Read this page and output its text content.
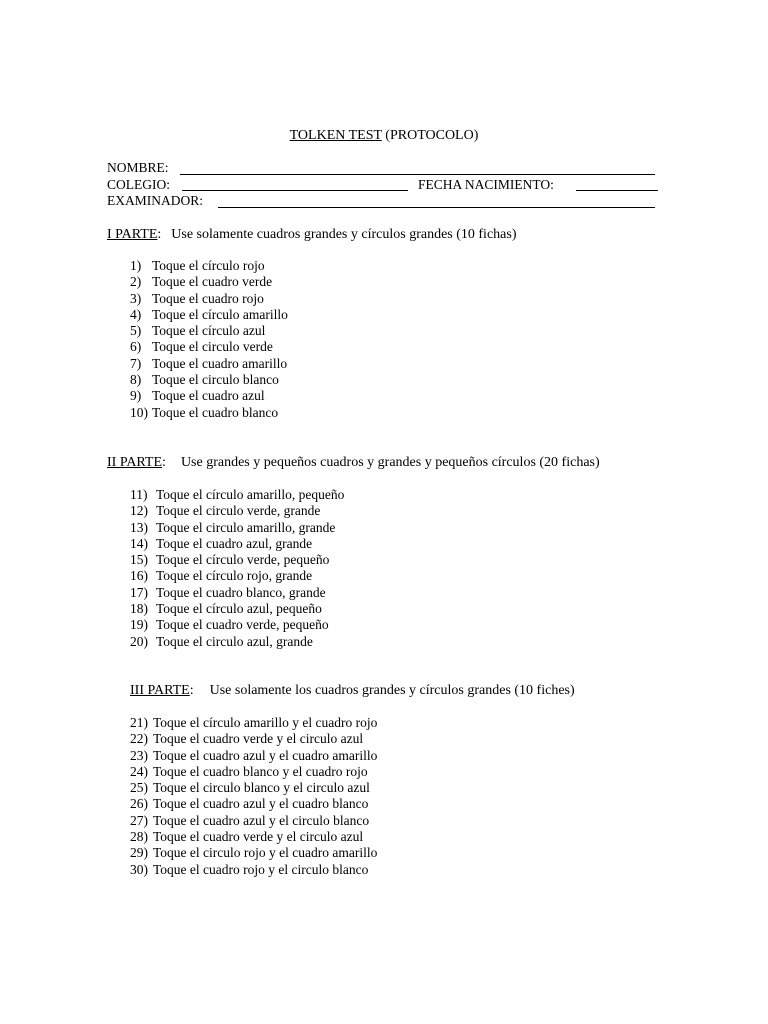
TOLKEN TEST (PROTOCOLO)
NOMBRE:
COLEGIO:	FECHA NACIMIENTO:
EXAMINADOR:
I PARTE: Use solamente cuadros grandes y círculos grandes (10 fichas)
1) Toque el círculo rojo
2) Toque el cuadro verde
3) Toque el cuadro rojo
4) Toque el círculo amarillo
5) Toque el círculo azul
6) Toque el circulo verde
7) Toque el cuadro amarillo
8) Toque el circulo blanco
9) Toque el cuadro azul
10) Toque el cuadro blanco
II PARTE: Use grandes y pequeños cuadros y grandes y pequeños círculos (20 fichas)
11) Toque el círculo amarillo, pequeño
12) Toque el circulo verde, grande
13) Toque el circulo amarillo, grande
14) Toque el cuadro azul, grande
15) Toque el círculo verde, pequeño
16) Toque el círculo rojo, grande
17) Toque el cuadro blanco, grande
18) Toque el círculo azul, pequeño
19) Toque el cuadro verde, pequeño
20) Toque el circulo azul, grande
III PARTE: Use solamente los cuadros grandes y círculos grandes (10 fiches)
21) Toque el círculo amarillo y el cuadro rojo
22) Toque el cuadro verde y el circulo azul
23) Toque el cuadro azul y el cuadro amarillo
24) Toque el cuadro blanco y el cuadro rojo
25) Toque el circulo blanco y el circulo azul
26) Toque el cuadro azul y el cuadro blanco
27) Toque el cuadro azul y el circulo blanco
28) Toque el cuadro verde y el circulo azul
29) Toque el circulo rojo y el cuadro amarillo
30) Toque el cuadro rojo y el circulo blanco
